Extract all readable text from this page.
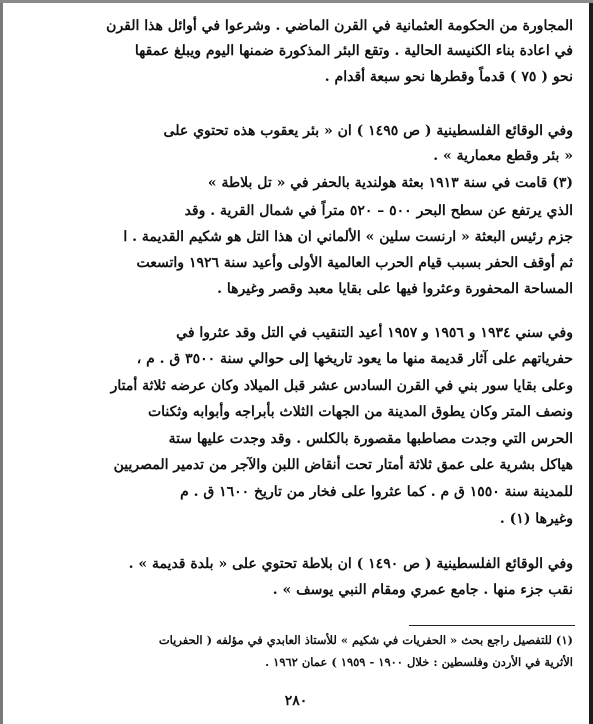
المجاورة من الحكومة العثمانية في القرن الماضي . وشرعوا في أوائل هذا القرن
في اعادة بناء الكنيسة الحالية . وتقع البئر المذكورة ضمنها اليوم ويبلغ عمقها
نحو ( ٧٥ ) قدماً وقطرها نحو سبعة أقدام .
وفي الوقائع الفلسطينية ( ص ١٤٩٥ ) ان « بئر يعقوب هذه تحتوي على
« بئر وقطع معمارية » .
(٣) قامت في سنة ١٩١٣ بعثة هولندية بالحفر في « تل بلاطة »
الذي يرتفع عن سطح البحر ٥٠٠ – ٥٢٠ متراً في شمال القرية . وقد
جزم رئيس البعثة « ارنست سلين » الألماني ان هذا التل هو شكيم القديمة . ا
ثم أوقف الحفر بسبب قيام الحرب العالمية الأولى وأعيد سنة ١٩٢٦ واتسعت
المساحة المحفورة وعثروا فيها على بقايا معبد وقصر وغيرها .
وفي سني ١٩٣٤ و ١٩٥٦ و ١٩٥٧ أعيد التنقيب في التل وقد عثروا في
حفرياتهم على آثار قديمة منها ما يعود تاريخها إلى حوالي سنة ٣٥٠٠ ق . م ،
وعلى بقايا سور بني في القرن السادس عشر قبل الميلاد وكان عرضه ثلاثة أمتار
ونصف المتر وكان يطوق المدينة من الجهات الثلاث بأبراجه وأبوابه وثكنات
الحرس التي وجدت مصاطبها مقصورة بالكلس . وقد وجدت عليها ستة
هياكل بشرية على عمق ثلاثة أمتار تحت أنقاض اللبن والآجر من تدمير المصريين
للمدينة سنة ١٥٥٠ ق م . كما عثروا على فخار من تاريخ ١٦٠٠ ق . م
وغيرها (١) .
وفي الوقائع الفلسطينية ( ص ١٤٩٠ ) ان بلاطة تحتوي على « بلدة قديمة » .
نقب جزء منها . جامع عمري ومقام النبي يوسف » .
(١) للتفصيل راجع بحث « الحفريات في شكيم » للأستاذ العابدي في مؤلفه ( الحفريات
الأثرية في الأردن وفلسطين : خلال ١٩٠٠ - ١٩٥٩ ) عمان ١٩٦٢ .
٢٨٠
